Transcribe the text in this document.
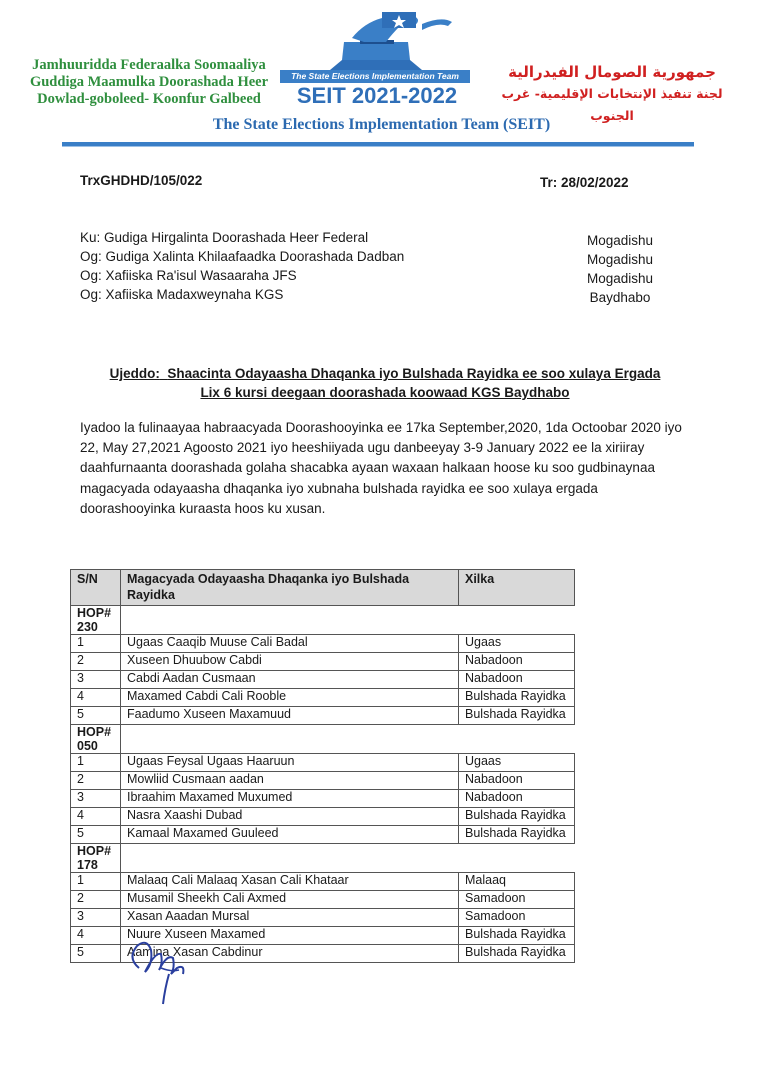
Jamhuuridda Federaalka Soomaaliya
Guddiga Maamulka Doorashada Heer
Dowlad-goboleed- Koonfur Galbeed
The State Elections Implementation Team
SEIT 2021-2022
جمهورية الصومال الفيدرالية
لجنة تنفيذ الإنتخابات الإقليمية- غرب الجنوب
The State Elections Implementation Team (SEIT)
TrxGHDHD/105/022	Tr: 28/02/2022
Ku: Gudiga Hirgalinta Doorashada Heer Federal
Og: Gudiga Xalinta Khilaafaadka Doorashada Dadban
Og: Xafiiska Ra'isul Wasaaraha JFS
Og: Xafiiska Madaxweynaha KGS
Mogadishu
Mogadishu
Mogadishu
Baydhabo
Ujeddo: Shaacinta Odayaasha Dhaqanka iyo Bulshada Rayidka ee soo xulaya Ergada
Lix 6 kursi deegaan doorashada koowaad KGS Baydhabo
Iyadoo la fulinaayaa habraacyada Doorashooyinka ee 17ka September,2020, 1da Octoobar 2020 iyo 22, May 27,2021 Agoosto 2021 iyo heeshiiyada ugu danbeeyay 3-9 January 2022 ee la xiriiray daahfurnaanta doorashada golaha shacabka ayaan waxaan halkaan hoose ku soo gudbinaynaa magacyada odayaasha dhaqanka iyo xubnaha bulshada rayidka ee soo xulaya ergada doorashooyinka kuraasta hoos ku xusan.
S/N	Magacyada Odayaasha Dhaqanka iyo Bulshada Rayidka	Xilka
HOP# 230		
1	Ugaas Caaqib Muuse Cali Badal	Ugaas
2	Xuseen Dhuubow Cabdi	Nabadoon
3	Cabdi Aadan Cusmaan	Nabadoon
4	Maxamed Cabdi Cali Rooble	Bulshada Rayidka
5	Faadumo Xuseen Maxamuud	Bulshada Rayidka
HOP# 050		
1	Ugaas Feysal Ugaas Haaruun	Ugaas
2	Mowliid Cusmaan aadan	Nabadoon
3	Ibraahim Maxamed Muxumed	Nabadoon
4	Nasra Xaashi Dubad	Bulshada Rayidka
5	Kamaal Maxamed Guuleed	Bulshada Rayidka
HOP# 178		
1	Malaaq Cali Malaaq Xasan Cali Khataar	Malaaq
2	Musamil Sheekh Cali Axmed	Samadoon
3	Xasan Aaadan Mursal	Samadoon
4	Nuure Xuseen Maxamed	Bulshada Rayidka
5	Aamina Xasan Cabdinur	Bulshada Rayidka
